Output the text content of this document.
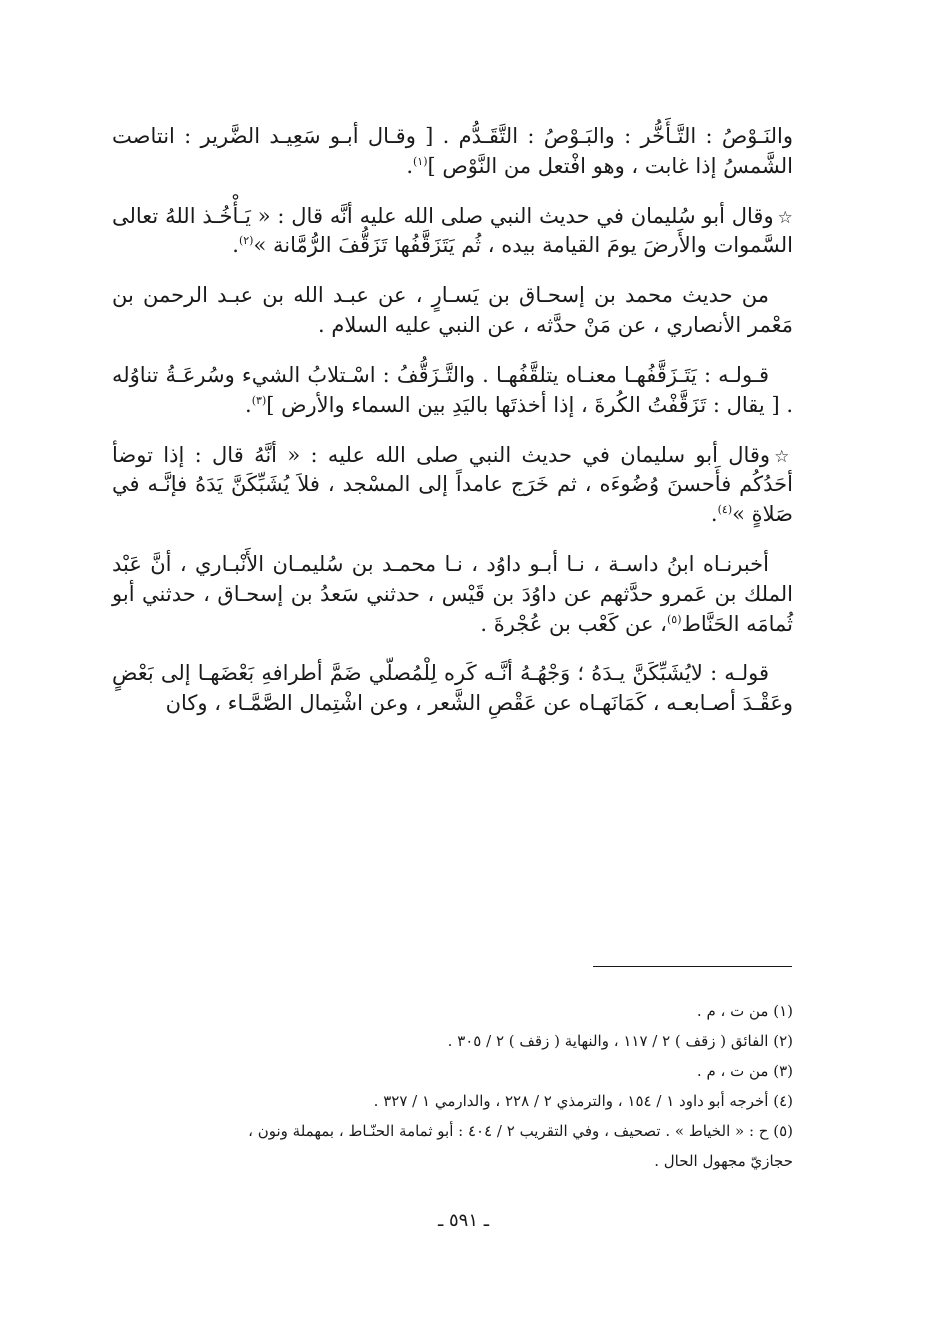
والنَـوْصُ : التَّـأَخُّر : والبَـوْصُ : التَّقَـدُّم . [ وقـال أبـو سَعِيـد الضَّرير : انتاصت الشَّمسُ إذا غابت ، وهو افْتعل من النَّوْص ]$^{(١)}$.

☆وقال أبو سُليمان في حديث النبي صلى الله عليه أنَّه قال : « يَـأْخُـذ اللهُ تعالى السَّموات والأَرضَ يومَ القيامة بيده ، ثُم يَتَزَقَّفُها تَزَقُّفَ الرُّمَّانة »$^{(٢)}$.

من حديث محمد بن إسحـاق بن يَسـارٍ ، عن عبـد الله بن عبـد الرحمن بن مَعْمر الأنصاري ، عن مَنْ حدَّثه ، عن النبي عليه السلام .

قـولـه : يَتَـزَقَّفُهـا معنـاه يتلقَّفُهـا . والتَّـزَقُّفُ : اسْـتلابُ الشيء وسُرعَـةُ تناوُله . [ يقال : تَزَقَّفْتُ الكُرةَ ، إذا أخذتَها باليَدِ بين السماء والأرض ]$^{(٣)}$.

☆وقال أبو سليمان في حديث النبي صلى الله عليه : « أنَّهُ قال : إذا توضأ أحَدُكُم فأَحسنَ وُضُوءَه ، ثم خَرَج عامداً إلى المسْجد ، فلاَ يُشَبِّكَنَّ يَدَهُ فإنَّـه في صَلاةٍ »$^{(٤)}$.

أخبرنـاه ابنُ داسـة ، نـا أبـو داوُد ، نـا محمـد بن سُليمـان الأَنْبـاري ، أنَّ عَبْد الملك بن عَمرو حدَّثهم عن داوُدَ بن قَيْس ، حدثني سَعدُ بن إسحـاق ، حدثني أبو ثُمامَه الحَنَّاط$^{(٥)}$، عن كَعْب بن عُجْرةَ .

قولـه : لايُشَبِّكَنَّ يـدَهُ ؛ وَجْهُـهُ أنَّـه كَره لِلْمُصلّي ضَمَّ أطرافهِ بَعْضَهـا إلى بَعْضٍ وعَقْـدَ أصـابعـه ، كَمَانَهـاه عن عَقْصِ الشَّعر ، وعن اشْتِمال الصَّمَّـاء ، وكان

(١) من ت ، م .

(٢) الفائق ( زقف ) ٢ / ١١٧ ، والنهاية ( زقف ) ٢ / ٣٠٥ .

(٣) من ت ، م .

(٤) أخرجه أبو داود ١ / ١٥٤ ، والترمذي ٢ / ٢٢٨ ، والدارمي ١ / ٣٢٧ .

(٥) ح : « الخياط » . تصحيف ، وفي التقريب ٢ / ٤٠٤ : أبو ثمامة الحنّـاط ، بمهملة ونون ،

حجازيّ مجهول الحال .

ـ ٥٩١ ـ
